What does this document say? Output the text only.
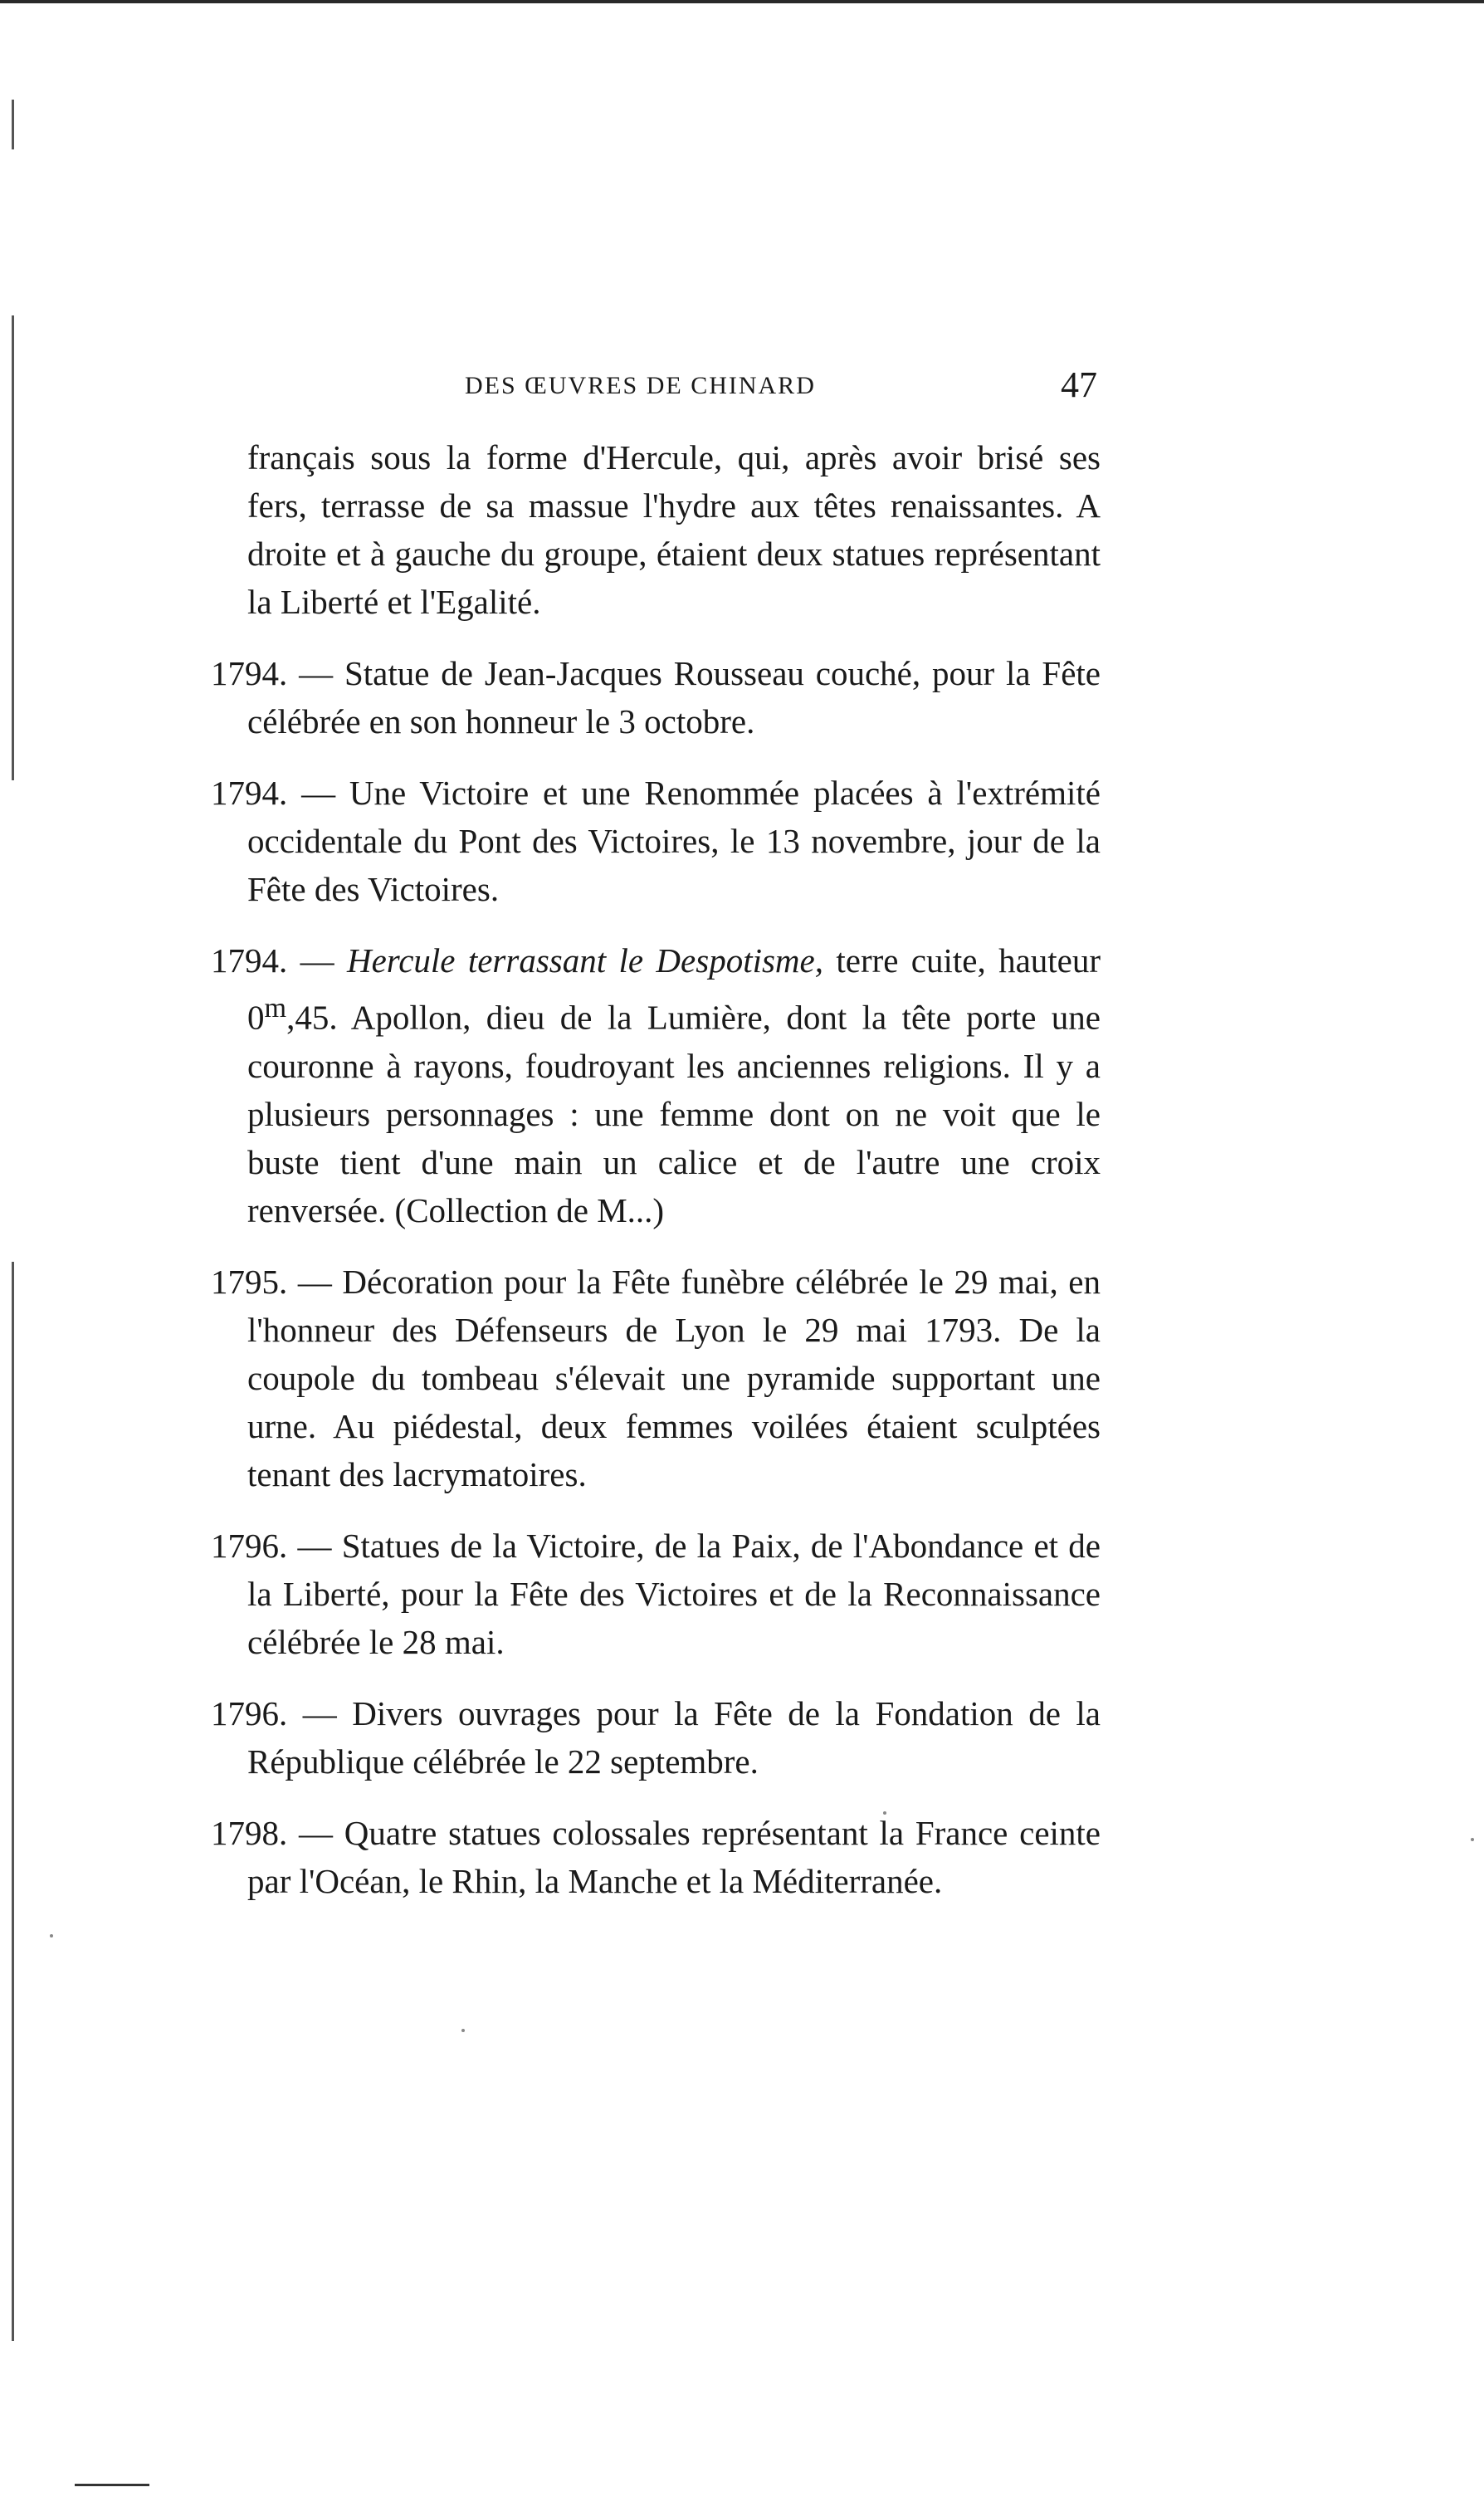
DES ŒUVRES DE CHINARD	47

français sous la forme d'Hercule, qui, après avoir brisé ses fers, terrasse de sa massue l'hydre aux têtes renaissantes. A droite et à gauche du groupe, étaient deux statues représentant la Liberté et l'Egalité.

1794. — Statue de Jean-Jacques Rousseau couché, pour la Fête célébrée en son honneur le 3 octobre.

1794. — Une Victoire et une Renommée placées à l'extrémité occidentale du Pont des Victoires, le 13 novembre, jour de la Fête des Victoires.

1794. — Hercule terrassant le Despotisme, terre cuite, hauteur 0$^m$,45. Apollon, dieu de la Lumière, dont la tête porte une couronne à rayons, foudroyant les anciennes religions. Il y a plusieurs personnages : une femme dont on ne voit que le buste tient d'une main un calice et de l'autre une croix renversée. (Collection de M...)

1795. — Décoration pour la Fête funèbre célébrée le 29 mai, en l'honneur des Défenseurs de Lyon le 29 mai 1793. De la coupole du tombeau s'élevait une pyramide supportant une urne. Au piédestal, deux femmes voilées étaient sculptées tenant des lacrymatoires.

1796. — Statues de la Victoire, de la Paix, de l'Abondance et de la Liberté, pour la Fête des Victoires et de la Reconnaissance célébrée le 28 mai.

1796. — Divers ouvrages pour la Fête de la Fondation de la République célébrée le 22 septembre.

1798. — Quatre statues colossales représentant la France ceinte par l'Océan, le Rhin, la Manche et la Méditerranée.
